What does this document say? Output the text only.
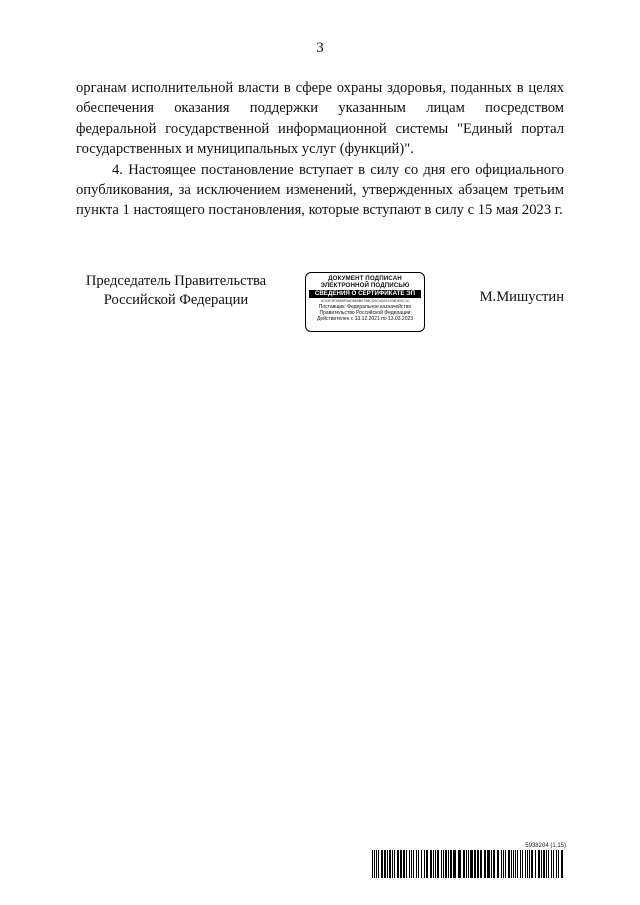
3

органам исполнительной власти в сфере охраны здоровья, поданных в целях обеспечения оказания поддержки указанным лицам посредством федеральной государственной информационной системы "Единый портал государственных и муниципальных услуг (функций)".

4. Настоящее постановление вступает в силу со дня его официального опубликования, за исключением изменений, утвержденных абзацем третьим пункта 1 настоящего постановления, которые вступают в силу с 15 мая 2023 г.

Председатель Правительства
Российской Федерации
ДОКУМЕНТ ПОДПИСАН
ЭЛЕКТРОННОЙ ПОДПИСЬЮ
СВЕДЕНИЯ О СЕРТИФИКАТЕ ЭП
3C03F3E9685F0AD660B0798CD9CA5291208DE5C1C
Поставщик: Федеральное казначейство
Правительство Российской Федерации
Действителен с 13.12.2021 по 13.03.2023
М.Мишустин
5938204 (1.15)
